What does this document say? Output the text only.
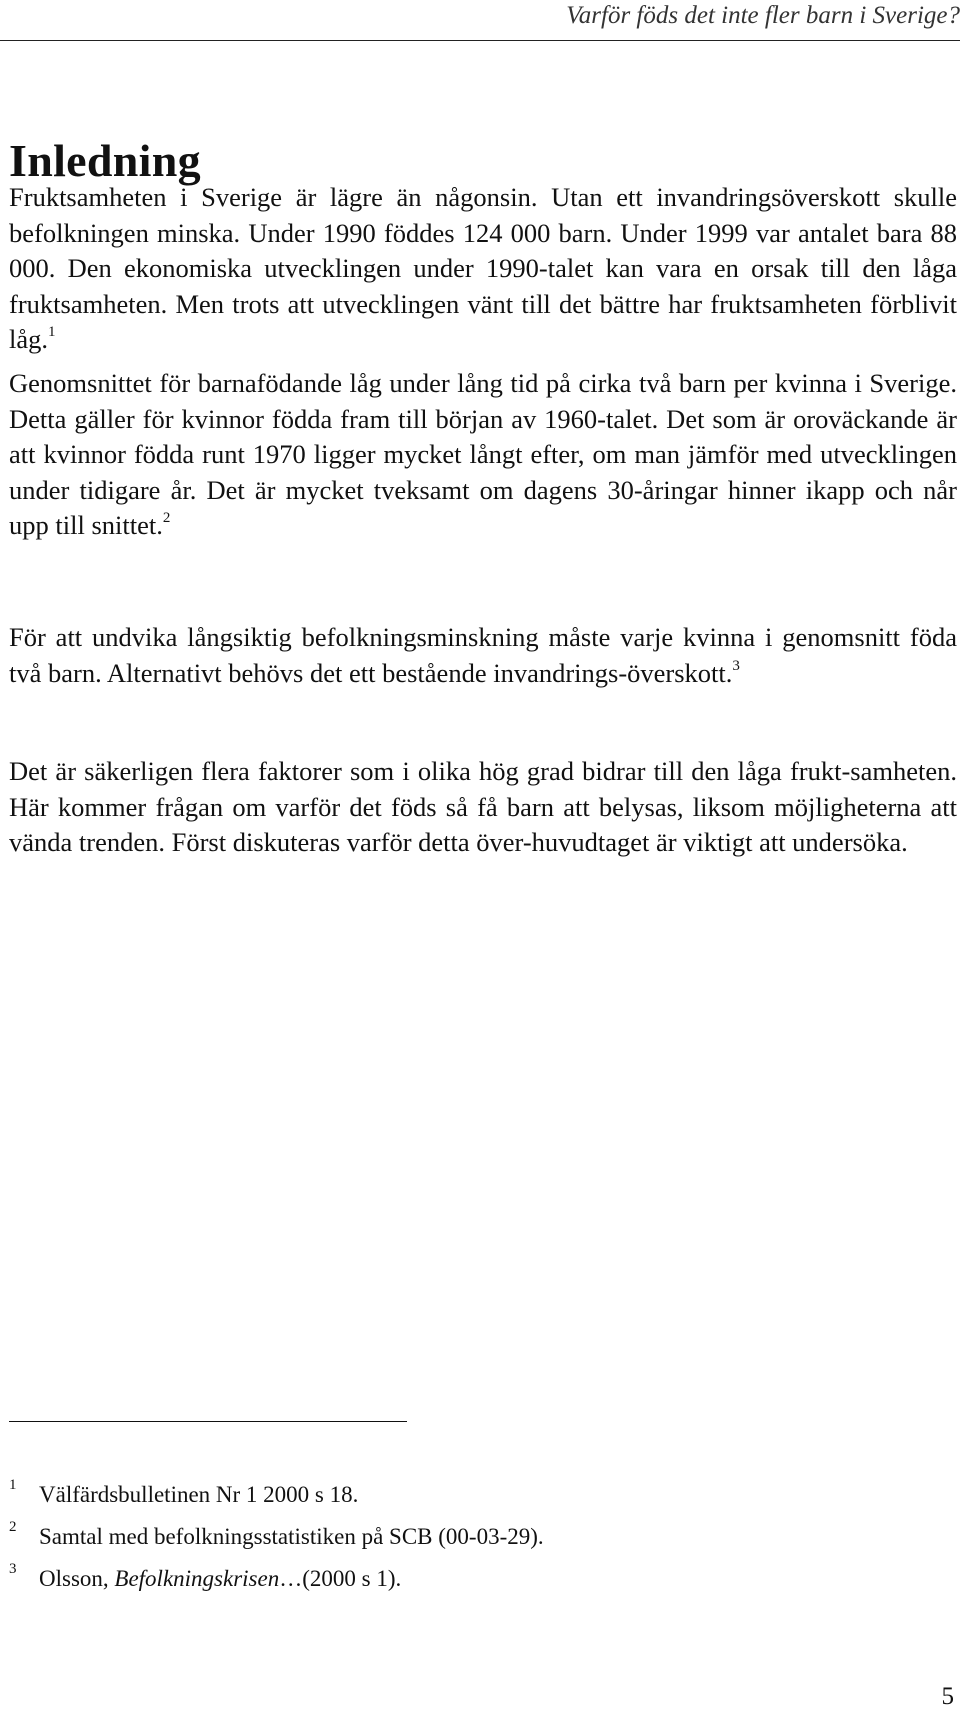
Varför föds det inte fler barn i Sverige?
Inledning

Fruktsamheten i Sverige är lägre än någonsin. Utan ett invandringsöverskott skulle befolkningen minska. Under 1990 föddes 124 000 barn. Under 1999 var antalet bara 88 000. Den ekonomiska utvecklingen under 1990-talet kan vara en orsak till den låga fruktsamheten. Men trots att utvecklingen vänt till det bättre har fruktsamheten förblivit låg.$^1$

Genomsnittet för barnafödande låg under lång tid på cirka två barn per kvinna i Sverige. Detta gäller för kvinnor födda fram till början av 1960-talet. Det som är oroväckande är att kvinnor födda runt 1970 ligger mycket långt efter, om man jämför med utvecklingen under tidigare år. Det är mycket tveksamt om dagens 30-åringar hinner ikapp och når upp till snittet.$^2$

För att undvika långsiktig befolkningsminskning måste varje kvinna i genomsnitt föda två barn. Alternativt behövs det ett bestående invandrings-överskott.$^3$

Det är säkerligen flera faktorer som i olika hög grad bidrar till den låga frukt-samheten. Här kommer frågan om varför det föds så få barn att belysas, liksom möjligheterna att vända trenden. Först diskuteras varför detta över-huvudtaget är viktigt att undersöka.

1 Välfärdsbulletinen Nr 1 2000 s 18.
2 Samtal med befolkningsstatistiken på SCB (00-03-29).
3 Olsson, Befolkningskrisen…(2000 s 1).
5
